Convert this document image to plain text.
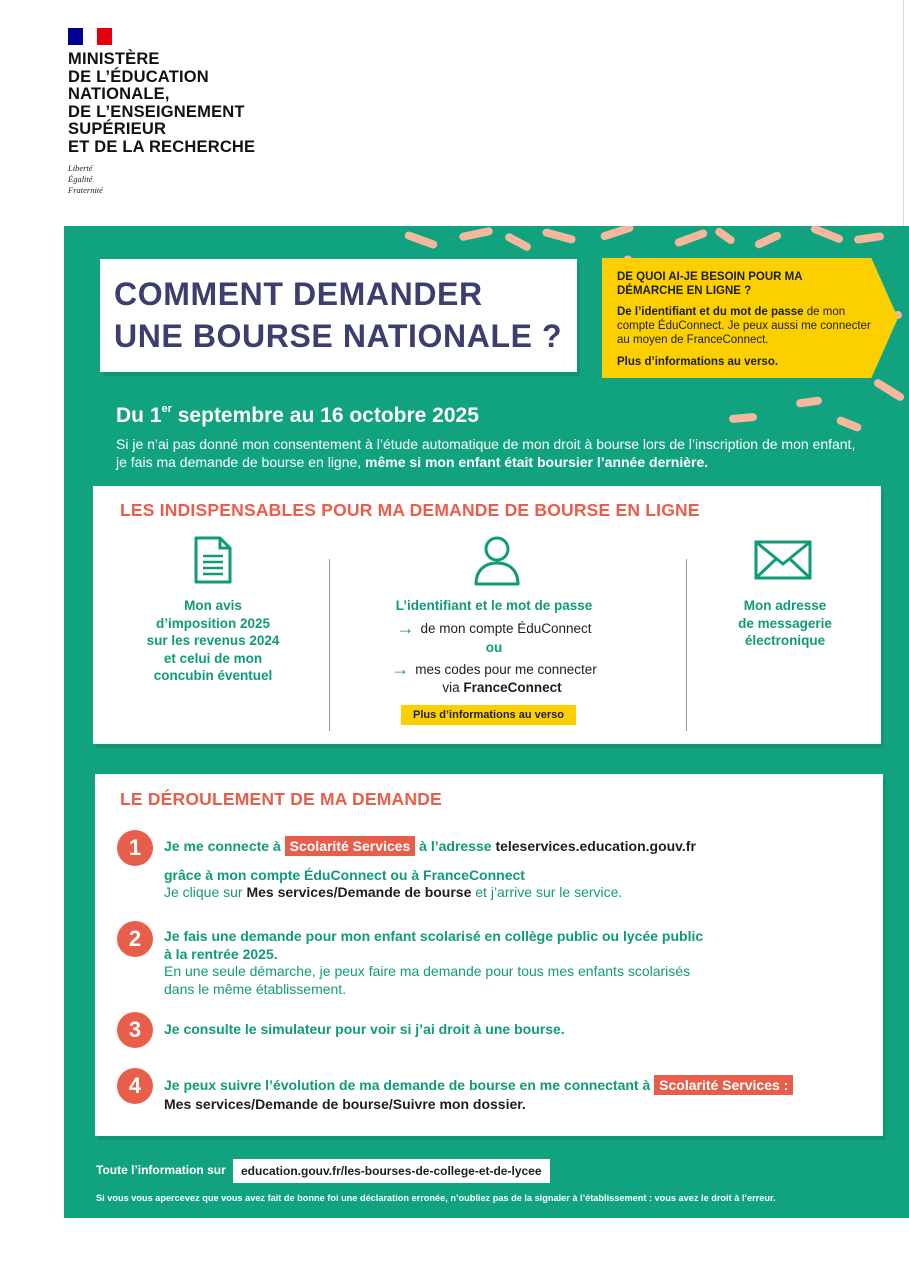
MINISTÈRE
DE L’ÉDUCATION
NATIONALE,
DE L’ENSEIGNEMENT
SUPÉRIEUR
ET DE LA RECHERCHE
Liberté
Égalité
Fraternité
COMMENT DEMANDER
UNE BOURSE NATIONALE ?
DE QUOI AI-JE BESOIN POUR MA DÉMARCHE EN LIGNE ?
De l’identifiant et du mot de passe de mon compte ÉduConnect. Je peux aussi me connecter au moyen de FranceConnect.
Plus d’informations au verso.
Du 1er septembre au 16 octobre 2025
Si je n’ai pas donné mon consentement à l’étude automatique de mon droit à bourse lors de l’inscription de mon enfant, je fais ma demande de bourse en ligne, même si mon enfant était boursier l’année dernière.
LES INDISPENSABLES POUR MA DEMANDE DE BOURSE EN LIGNE
Mon avis
d’imposition 2025
sur les revenus 2024
et celui de mon
concubin éventuel
L’identifiant et le mot de passe
→ de mon compte ÉduConnect
ou
→ mes codes pour me connecter
via FranceConnect
Plus d’informations au verso
Mon adresse
de messagerie
électronique
LE DÉROULEMENT DE MA DEMANDE
1	Je me connecte à Scolarité Services à l’adresse teleservices.education.gouv.fr
grâce à mon compte ÉduConnect ou à FranceConnect
Je clique sur Mes services/Demande de bourse et j’arrive sur le service.
2	Je fais une demande pour mon enfant scolarisé en collège public ou lycée public
à la rentrée 2025.
En une seule démarche, je peux faire ma demande pour tous mes enfants scolarisés
dans le même établissement.
3	Je consulte le simulateur pour voir si j’ai droit à une bourse.
4	Je peux suivre l’évolution de ma demande de bourse en me connectant à Scolarité Services :
Mes services/Demande de bourse/Suivre mon dossier.
Toute l’information sur	education.gouv.fr/les-bourses-de-college-et-de-lycee
Si vous vous apercevez que vous avez fait de bonne foi une déclaration erronée, n’oubliez pas de la signaler à l’établissement : vous avez le droit à l’erreur.
